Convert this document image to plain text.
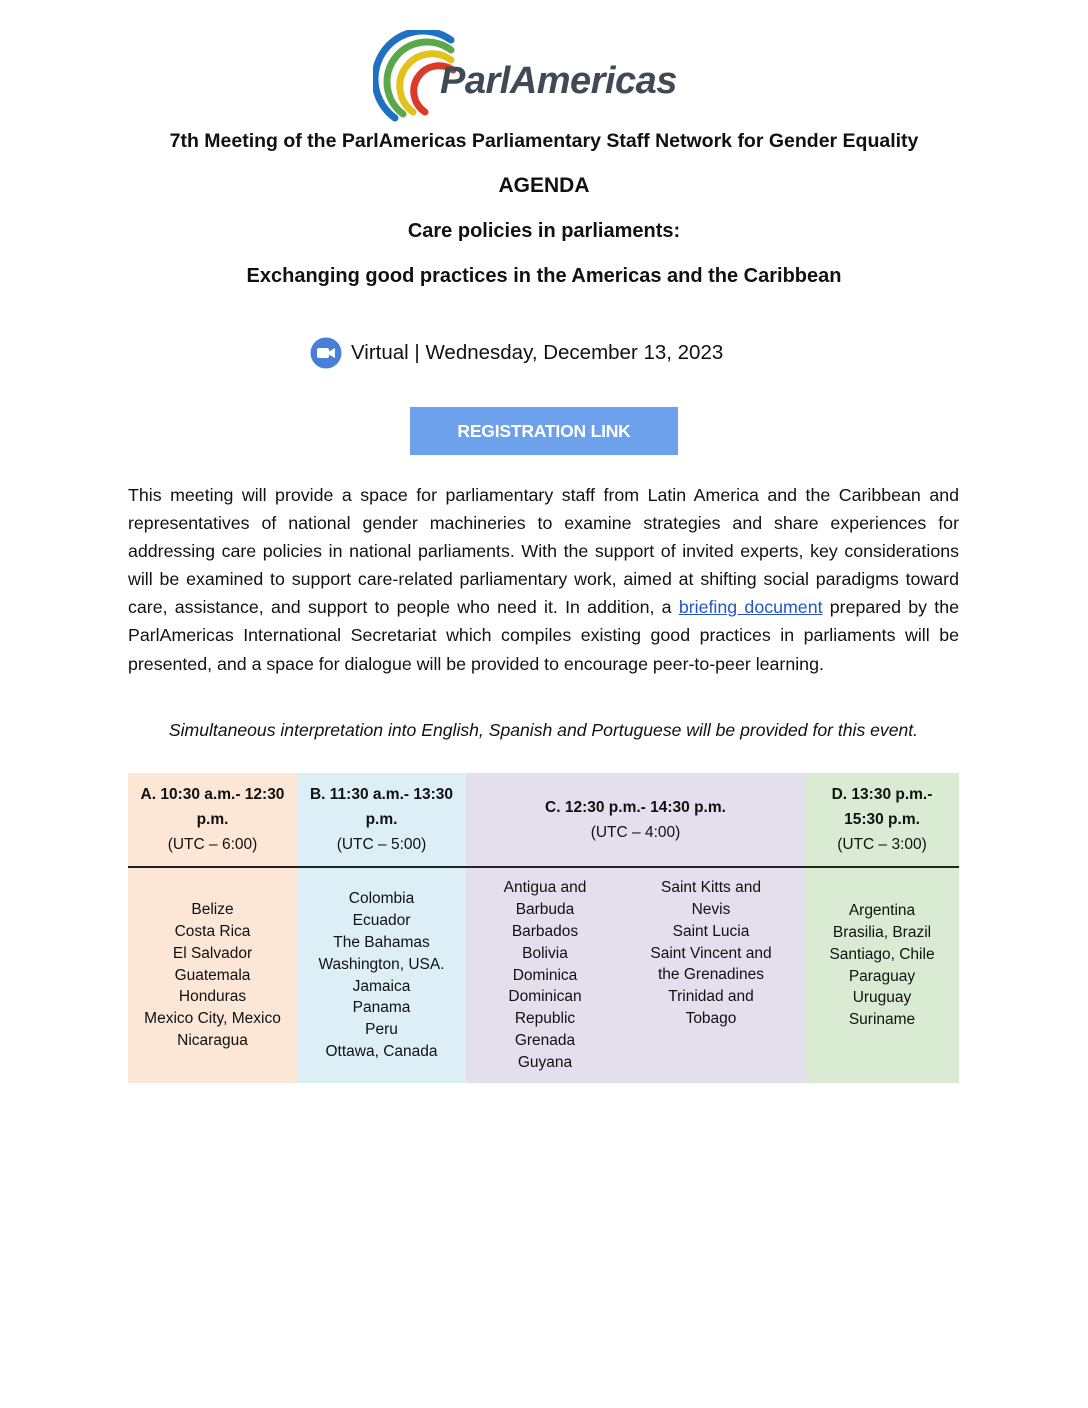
ParlAmericas
7th Meeting of the ParlAmericas Parliamentary Staff Network for Gender Equality
AGENDA
Care policies in parliaments:
Exchanging good practices in the Americas and the Caribbean
Virtual | Wednesday, December 13, 2023
REGISTRATION LINK

This meeting will provide a space for parliamentary staff from Latin America and the Caribbean and representatives of national gender machineries to examine strategies and share experiences for addressing care policies in national parliaments. With the support of invited experts, key considerations will be examined to support care-related parliamentary work, aimed at shifting social paradigms toward care, assistance, and support to people who need it. In addition, a briefing document prepared by the ParlAmericas International Secretariat which compiles existing good practices in parliaments will be presented, and a space for dialogue will be provided to encourage peer-to-peer learning.

Simultaneous interpretation into English, Spanish and Portuguese will be provided for this event.
A. 10:30 a.m.- 12:30 p.m.
(UTC – 6:00)
Belize
Costa Rica
El Salvador
Guatemala
Honduras
Mexico City, Mexico
Nicaragua
B. 11:30 a.m.- 13:30 p.m.
(UTC – 5:00)
Colombia
Ecuador
The Bahamas
Washington, USA.
Jamaica
Panama
Peru
Ottawa, Canada
C. 12:30 p.m.- 14:30 p.m.
(UTC – 4:00)
Antigua and Barbuda
Barbados
Bolivia
Dominica
Dominican Republic
Grenada
Guyana
Saint Kitts and Nevis
Saint Lucia
Saint Vincent and the Grenadines
Trinidad and Tobago
D. 13:30 p.m.- 15:30 p.m.
(UTC – 3:00)
Argentina
Brasilia, Brazil
Santiago, Chile
Paraguay
Uruguay
Suriname
